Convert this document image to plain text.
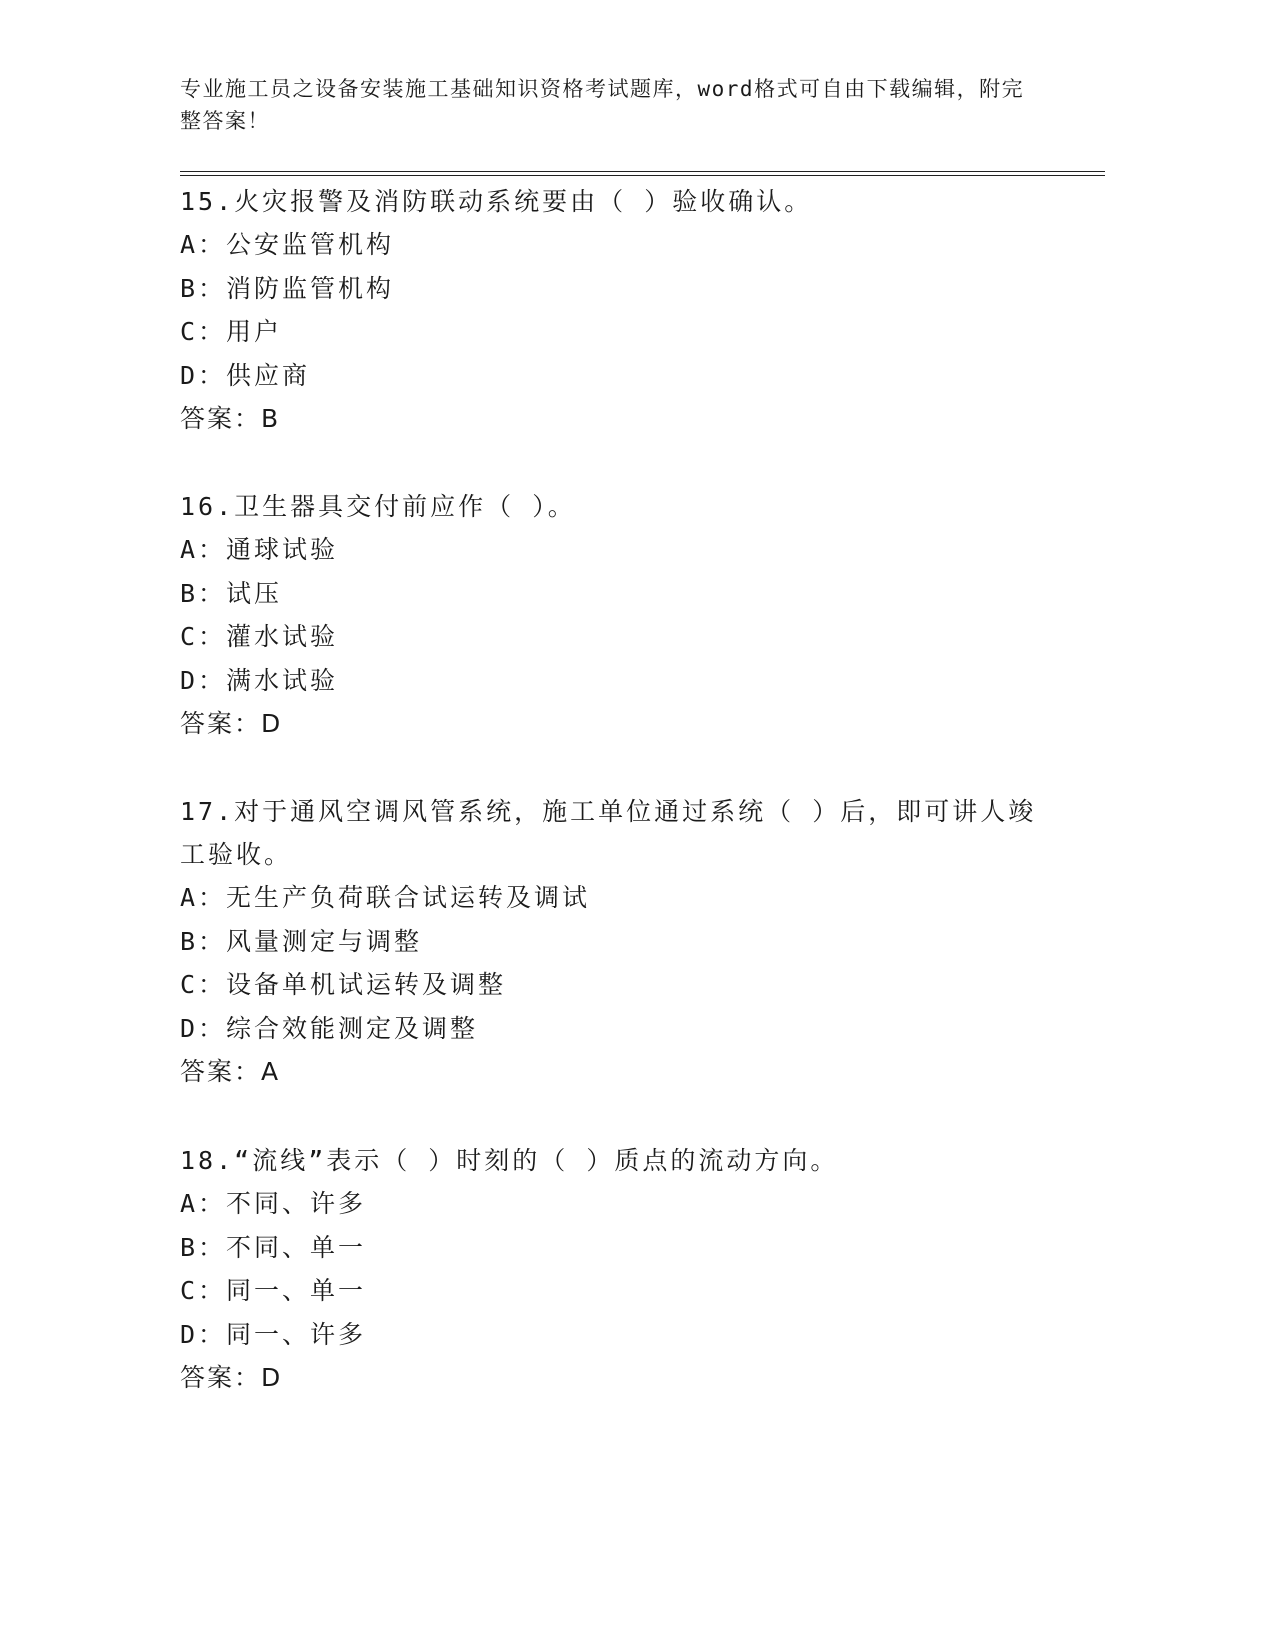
专业施工员之设备安装施工基础知识资格考试题库，word格式可自由下载编辑，附完整答案！

15.火灾报警及消防联动系统要由（ ）验收确认。

A：公安监管机构

B：消防监管机构

C：用户

D：供应商

答案：B

16.卫生器具交付前应作（ ）。

A：通球试验

B：试压

C：灌水试验

D：满水试验

答案：D

17.对于通风空调风管系统，施工单位通过系统（ ）后，即可讲人竣工验收。

A：无生产负荷联合试运转及调试

B：风量测定与调整

C：设备单机试运转及调整

D：综合效能测定及调整

答案：A

18.“流线”表示（ ）时刻的（ ）质点的流动方向。

A：不同、许多

B：不同、单一

C：同一、单一

D：同一、许多

答案：D
